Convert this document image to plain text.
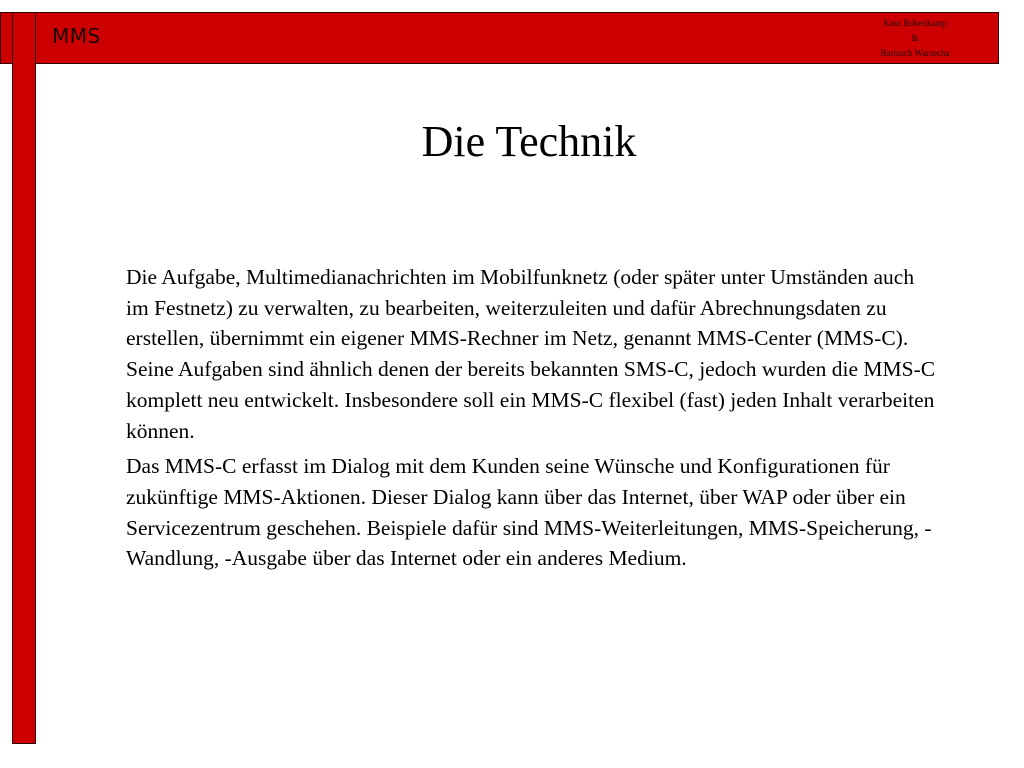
MMS
Knut Bökenkamp
&
Bartosch Warzecha
Die Technik

Die Aufgabe, Multimedianachrichten im Mobilfunknetz (oder später unter Umständen auch im Festnetz) zu verwalten, zu bearbeiten, weiterzuleiten und dafür Abrechnungsdaten zu erstellen, übernimmt ein eigener MMS-Rechner im Netz, genannt MMS-Center (MMS-C). Seine Aufgaben sind ähnlich denen der bereits bekannten SMS-C, jedoch wurden die MMS-C komplett neu entwickelt. Insbesondere soll ein MMS-C flexibel (fast) jeden Inhalt verarbeiten können.

Das MMS-C erfasst im Dialog mit dem Kunden seine Wünsche und Konfigurationen für zukünftige MMS-Aktionen. Dieser Dialog kann über das Internet, über WAP oder über ein Servicezentrum geschehen. Beispiele dafür sind MMS-Weiterleitungen, MMS-Speicherung, -Wandlung, -Ausgabe über das Internet oder ein anderes Medium.
